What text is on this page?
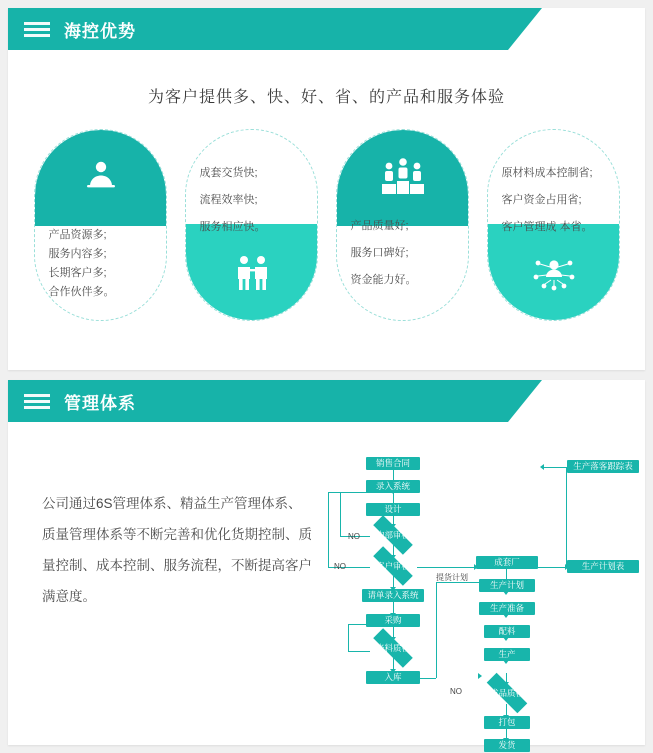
海控优势
为客户提供多、快、好、省、的产品和服务体验
产品资源多;
服务内容多;
长期客户多;
合作伙伴多。
成套交货快;
流程效率快;
服务相应快。	产品质量好;
服务口碑好;
资金能力好。
原材料成本控制省;
客户资金占用省;
客户管理成 本省。
管理体系
公司通过6S管理体系、精益生产管理体系、质量管理体系等不断完善和优化货期控制、质量控制、成本控制、服务流程，不断提高客户满意度。
销售合同
录入系统
设计
内部审核
客户审核
请单录入系统
采购
来料质检
入库
成套厂
生产计划
生产准备
配料
生产
成品质检
打包
发货
生产落客跟踪表
生产计划表
NO
NO
NO
提货计划
